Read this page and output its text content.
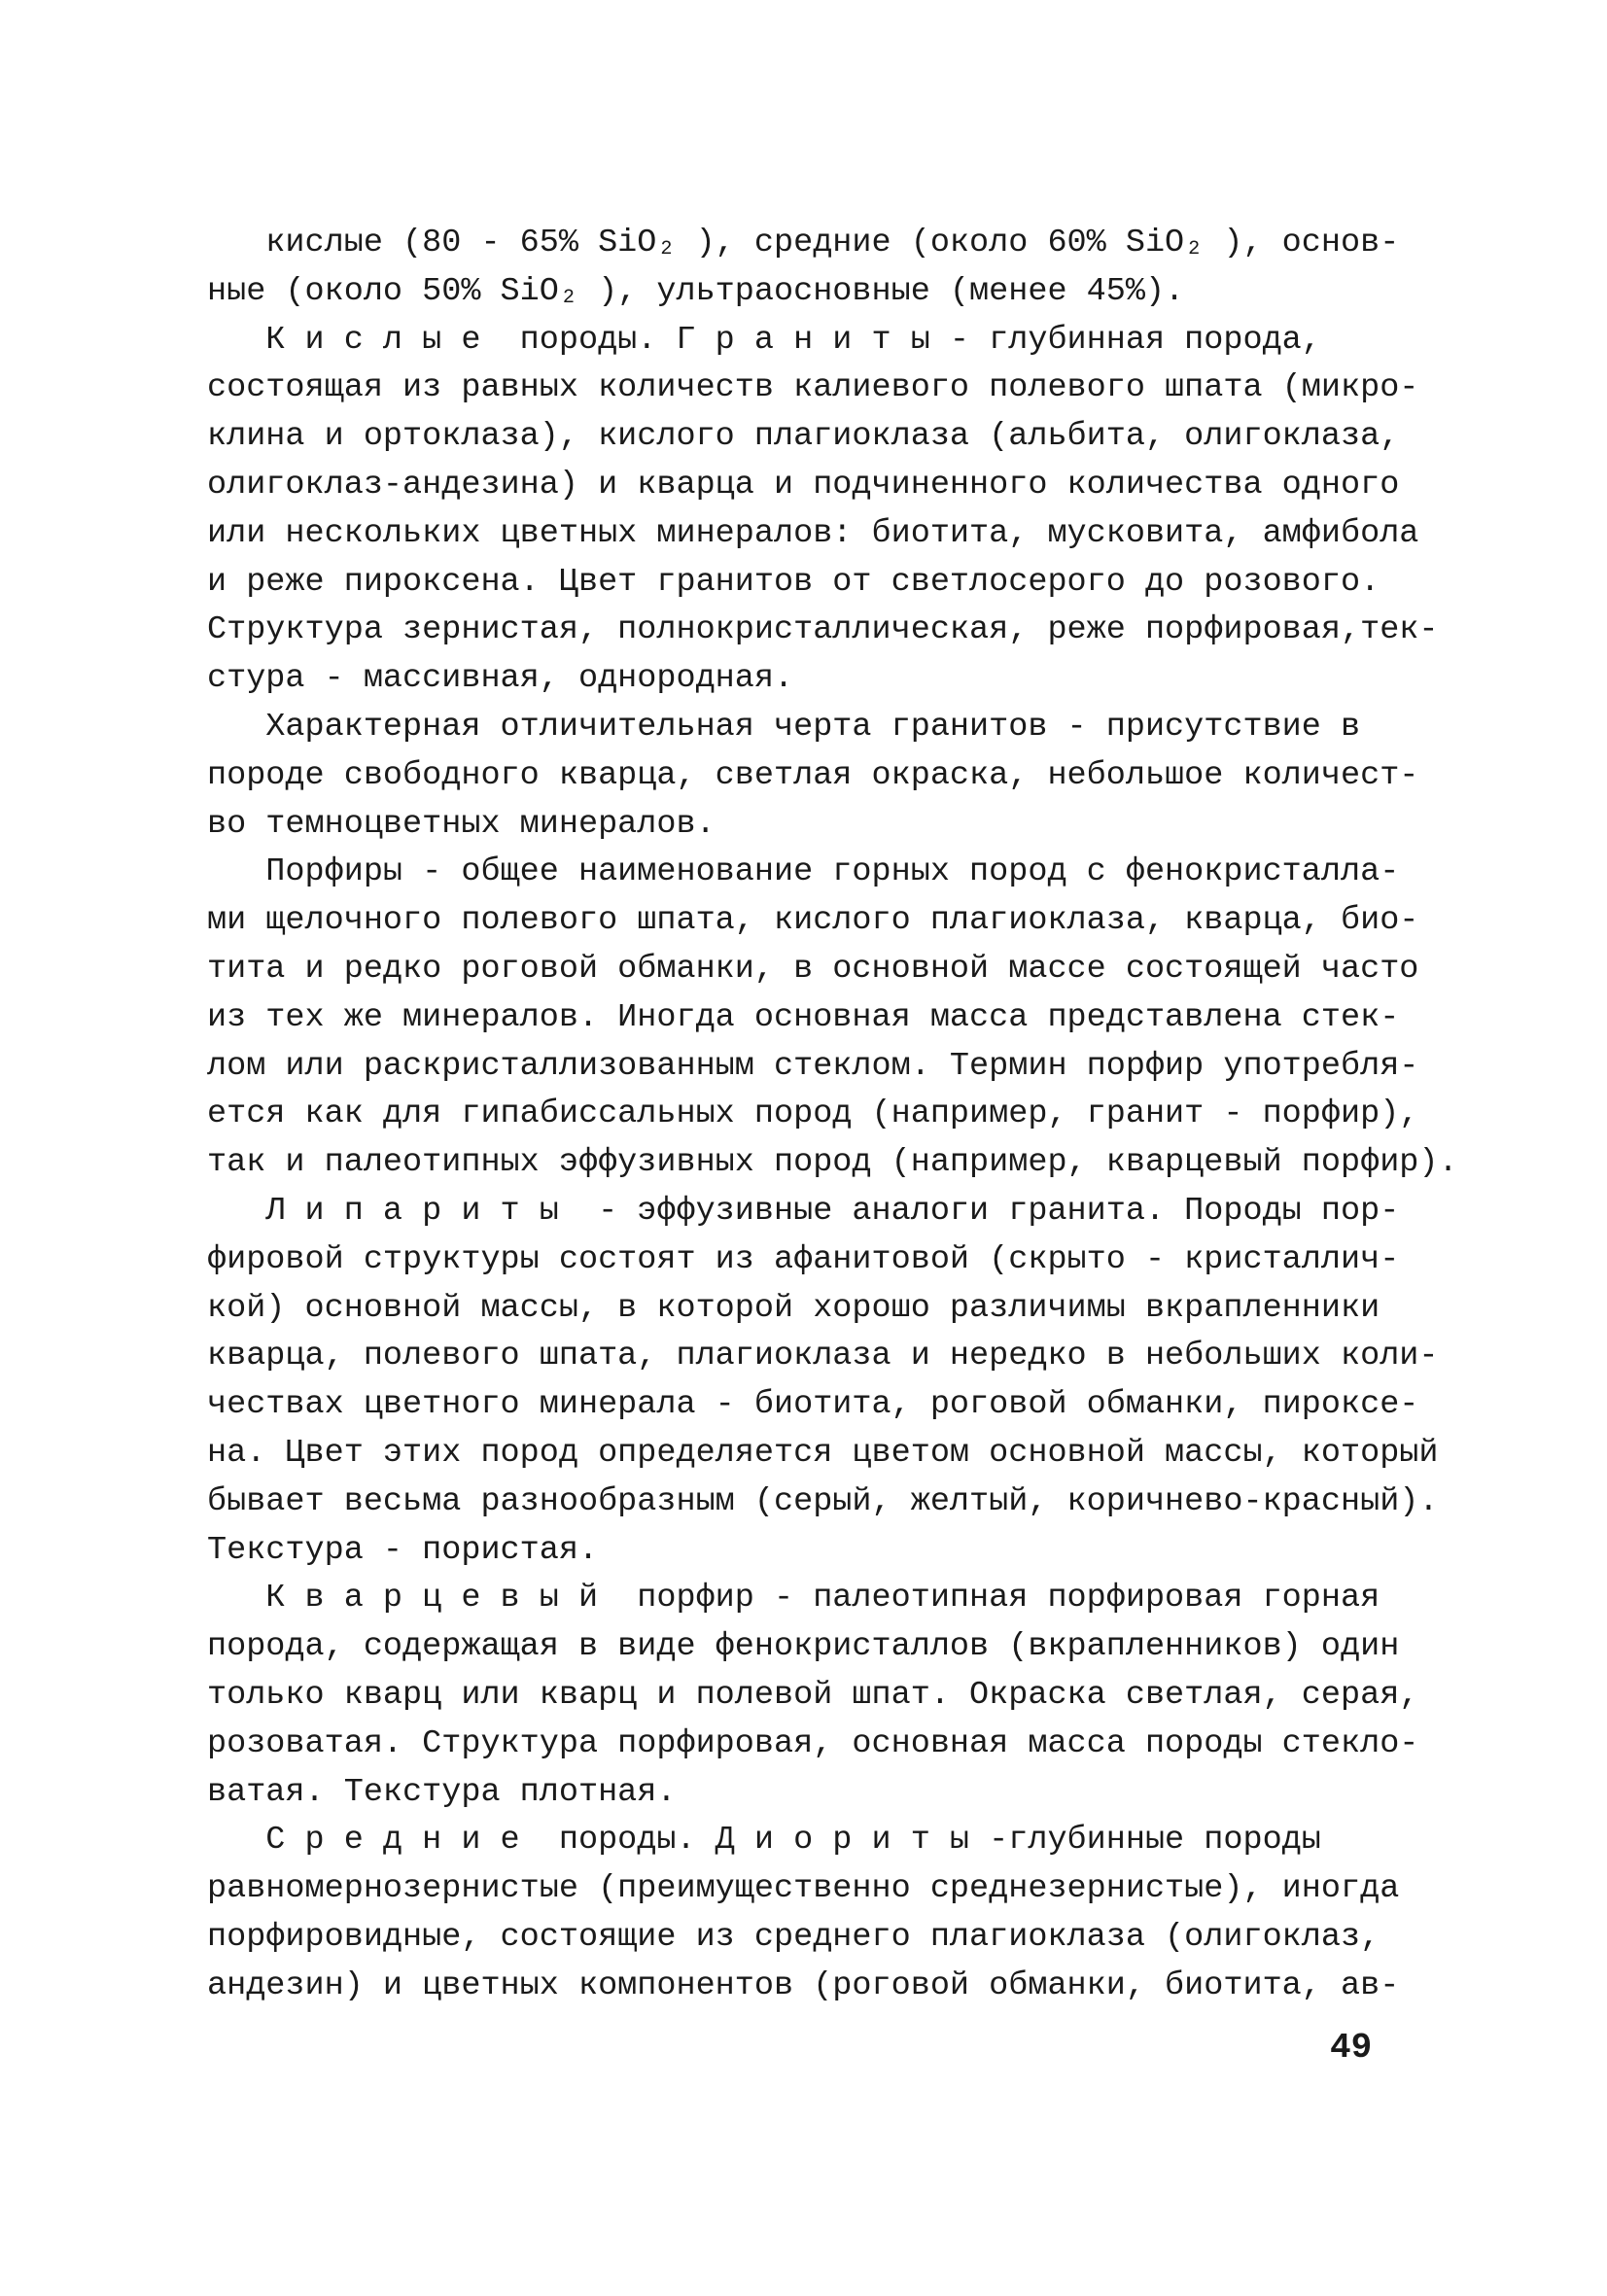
кислые (80 - 65% SiO₂ ), средние (около 60% SiO₂ ), основ-
ные (около 50% SiO₂ ), ультраосновные (менее 45%).
К и с л ы е  породы. Г р а н и т ы - глубинная порода,
состоящая из равных количеств калиевого полевого шпата (микро-
клина и ортоклаза), кислого плагиоклаза (альбита, олигоклаза,
олигоклаз-андезина) и кварца и подчиненного количества одного
или нескольких цветных минералов: биотита, мусковита, амфибола
и реже пироксена. Цвет гранитов от светлосерого до розового.
Структура зернистая, полнокристаллическая, реже порфировая,тек-
стура - массивная, однородная.
Характерная отличительная черта гранитов - присутствие в
породе свободного кварца, светлая окраска, небольшое количест-
во темноцветных минералов.
Порфиры - общее наименование горных пород с фенокристалла-
ми щелочного полевого шпата, кислого плагиоклаза, кварца, био-
тита и редко роговой обманки, в основной массе состоящей часто
из тех же минералов. Иногда основная масса представлена стек-
лом или раскристаллизованным стеклом. Термин порфир употребля-
ется как для гипабиссальных пород (например, гранит - порфир),
так и палеотипных эффузивных пород (например, кварцевый порфир).
Л и п а р и т ы  - эффузивные аналоги гранита. Породы пор-
фировой структуры состоят из афанитовой (скрыто - кристаллич-
кой) основной массы, в которой хорошо различимы вкрапленники
кварца, полевого шпата, плагиоклаза и нередко в небольших коли-
чествах цветного минерала - биотита, роговой обманки, пироксе-
на. Цвет этих пород определяется цветом основной массы, который
бывает весьма разнообразным (серый, желтый, коричнево-красный).
Текстура - пористая.
К в а р ц е в ы й  порфир - палеотипная порфировая горная
порода, содержащая в виде фенокристаллов (вкрапленников) один
только кварц или кварц и полевой шпат. Окраска светлая, серая,
розоватая. Структура порфировая, основная масса породы стекло-
ватая. Текстура плотная.
С р е д н и е  породы. Д и о р и т ы -глубинные породы
равномернозернистые (преимущественно среднезернистые), иногда
порфировидные, состоящие из среднего плагиоклаза (олигоклаз,
андезин) и цветных компонентов (роговой обманки, биотита, ав-
49
